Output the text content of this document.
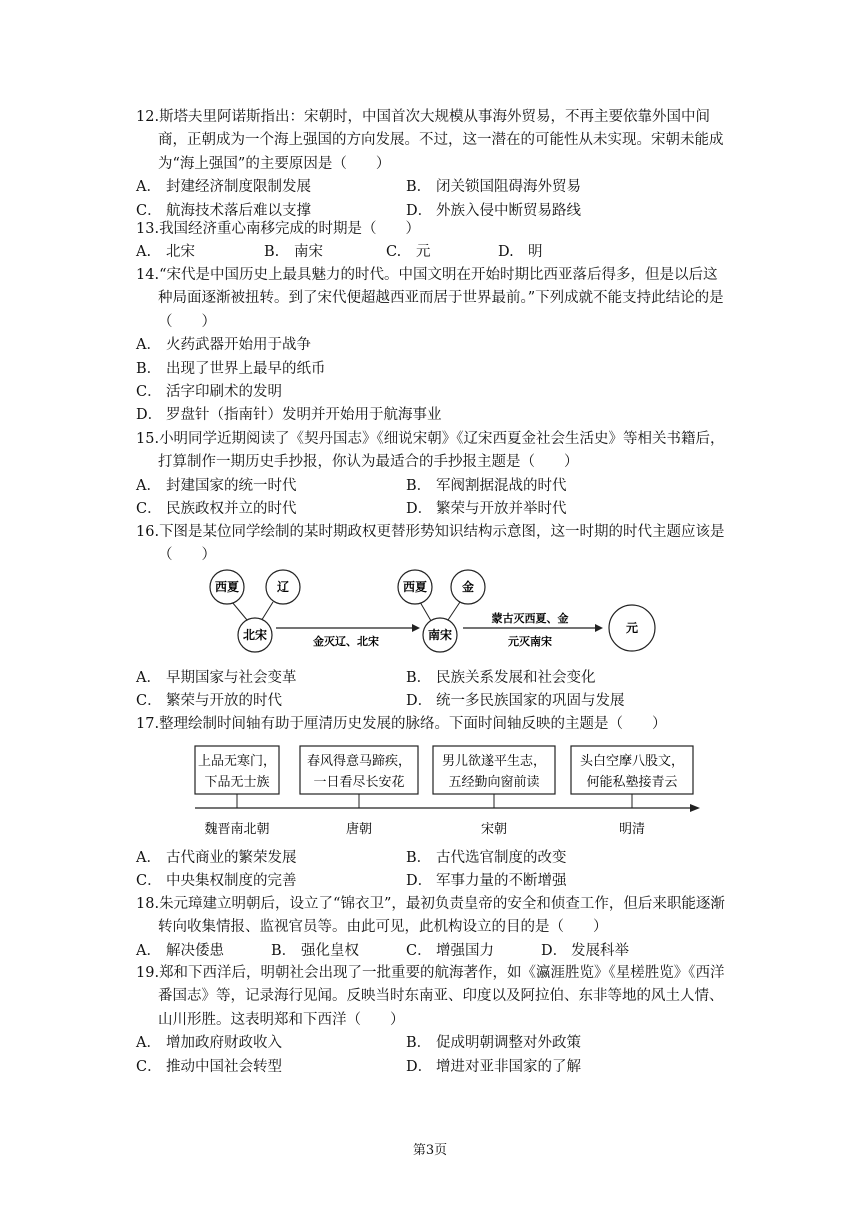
12.斯塔夫里阿诺斯指出：宋朝时，中国首次大规模从事海外贸易，不再主要依靠外国中间商，正朝成为一个海上强国的方向发展。不过，这一潜在的可能性从未实现。宋朝未能成为“海上强国”的主要原因是（　　）

A． 封建经济制度限制发展	B． 闭关锁国阻碍海外贸易
C． 航海技术落后难以支撑	D． 外族入侵中断贸易路线

13.我国经济重心南移完成的时期是（　　）

A. 北宋	B. 南宋	C. 元	D. 明

14.“宋代是中国历史上最具魅力的时代。中国文明在开始时期比西亚落后得多，但是以后这种局面逐渐被扭转。到了宋代便超越西亚而居于世界最前。”下列成就不能支持此结论的是（　　）

A． 火药武器开始用于战争
B． 出现了世界上最早的纸币
C． 活字印刷术的发明
D． 罗盘针（指南针）发明并开始用于航海事业

15.小明同学近期阅读了《契丹国志》《细说宋朝》《辽宋西夏金社会生活史》等相关书籍后，打算制作一期历史手抄报，你认为最适合的手抄报主题是（　　）

A． 封建国家的统一时代	B． 军阀割据混战的时代
C． 民族政权并立的时代	D． 繁荣与开放并举时代

16.下图是某位同学绘制的某时期政权更替形势知识结构示意图，这一时期的时代主题应该是（　　）

西夏	辽
北宋	金灭辽、北宋
西夏	金
南宋
蒙古灭西夏、金
元灭南宋
元
A． 早期国家与社会变革	B． 民族关系发展和社会变化
C． 繁荣与开放的时代	D． 统一多民族国家的巩固与发展

17.整理绘制时间轴有助于厘清历史发展的脉络。下面时间轴反映的主题是（　　）

上品无寒门，
下品无士族
魏晋南北朝
春风得意马蹄疾，
一日看尽长安花
唐朝
男儿欲遂平生志，
五经勤向窗前读
宋朝
头白空摩八股文，
何能私塾接青云
明清
A． 古代商业的繁荣发展	B． 古代选官制度的改变
C． 中央集权制度的完善	D． 军事力量的不断增强

18.朱元璋建立明朝后，设立了“锦衣卫”，最初负责皇帝的安全和侦查工作，但后来职能逐渐转向收集情报、监视官员等。由此可见，此机构设立的目的是（　　）

A． 解决倭患	B． 强化皇权	C． 增强国力	D． 发展科举

19.郑和下西洋后，明朝社会出现了一批重要的航海著作，如《瀛涯胜览》《星槎胜览》《西洋番国志》等，记录海行见闻。反映当时东南亚、印度以及阿拉伯、东非等地的风土人情、山川形胜。这表明郑和下西洋（　　）

A． 增加政府财政收入	B． 促成明朝调整对外政策
C． 推动中国社会转型	D． 增进对亚非国家的了解
第3页
